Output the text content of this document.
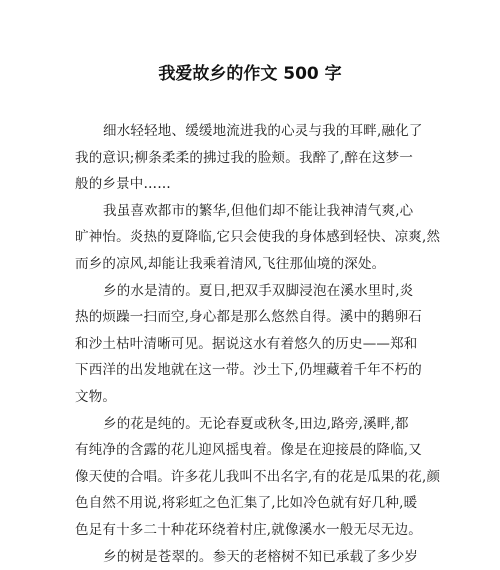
我爱故乡的作文 500 字
细水轻轻地、缓缓地流进我的心灵与我的耳畔,融化了
我的意识;柳条柔柔的拂过我的脸颊。我醉了,醉在这梦一
般的乡景中……
我虽喜欢都市的繁华,但他们却不能让我神清气爽,心
旷神怡。炎热的夏降临,它只会使我的身体感到轻快、凉爽,然
而乡的凉风,却能让我乘着清风,飞往那仙境的深处。
乡的水是清的。夏日,把双手双脚浸泡在溪水里时,炎
热的烦躁一扫而空,身心都是那么悠然自得。溪中的鹅卵石
和沙土枯叶清晰可见。据说这水有着悠久的历史——郑和
下西洋的出发地就在这一带。沙土下,仍埋藏着千年不朽的
文物。
乡的花是纯的。无论春夏或秋冬,田边,路旁,溪畔,都
有纯净的含露的花儿迎风摇曳着。像是在迎接晨的降临,又
像天使的合唱。许多花儿我叫不出名字,有的花是瓜果的花,颜
色自然不用说,将彩虹之色汇集了,比如冷色就有好几种,暖
色足有十多二十种花环绕着村庄,就像溪水一般无尽无边。
乡的树是苍翠的。参天的老榕树不知已承载了多少岁
